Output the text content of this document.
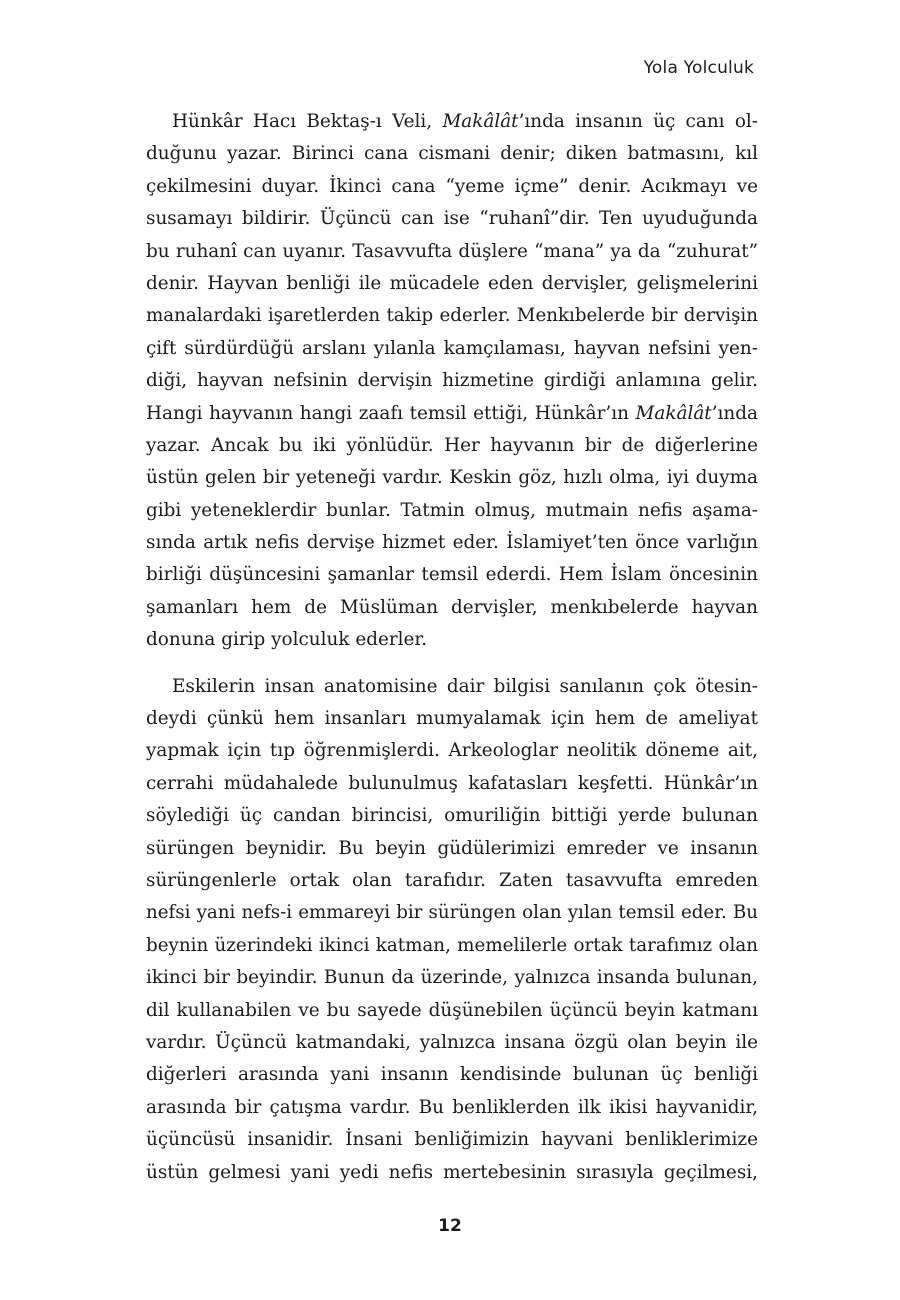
Yola Yolculuk
Hünkâr Hacı Bektaş-ı Veli, Makâlât’ında insanın üç canı ol-
duğunu yazar. Birinci cana cismani denir; diken batmasını, kıl
çekilmesini duyar. İkinci cana “yeme içme” denir. Acıkmayı ve
susamayı bildirir. Üçüncü can ise “ruhanî”dir. Ten uyuduğunda
bu ruhanî can uyanır. Tasavvufta düşlere “mana” ya da “zuhurat”
denir. Hayvan benliği ile mücadele eden dervişler, gelişmelerini
manalardaki işaretlerden takip ederler. Menkıbelerde bir dervişin
çift sürdürdüğü arslanı yılanla kamçılaması, hayvan nefsini yen-
diği, hayvan nefsinin dervişin hizmetine girdiği anlamına gelir.
Hangi hayvanın hangi zaafı temsil ettiği, Hünkâr’ın Makâlât’ında
yazar. Ancak bu iki yönlüdür. Her hayvanın bir de diğerlerine
üstün gelen bir yeteneği vardır. Keskin göz, hızlı olma, iyi duyma
gibi yeteneklerdir bunlar. Tatmin olmuş, mutmain nefis aşama-
sında artık nefis dervişe hizmet eder. İslamiyet’ten önce varlığın
birliği düşüncesini şamanlar temsil ederdi. Hem İslam öncesinin
şamanları hem de Müslüman dervişler, menkıbelerde hayvan
donuna girip yolculuk ederler.
Eskilerin insan anatomisine dair bilgisi sanılanın çok ötesin-
deydi çünkü hem insanları mumyalamak için hem de ameliyat
yapmak için tıp öğrenmişlerdi. Arkeologlar neolitik döneme ait,
cerrahi müdahalede bulunulmuş kafatasları keşfetti. Hünkâr’ın
söylediği üç candan birincisi, omuriliğin bittiği yerde bulunan
sürüngen beynidir. Bu beyin güdülerimizi emreder ve insanın
sürüngenlerle ortak olan tarafıdır. Zaten tasavvufta emreden
nefsi yani nefs-i emmareyi bir sürüngen olan yılan temsil eder. Bu
beynin üzerindeki ikinci katman, memelilerle ortak tarafımız olan
ikinci bir beyindir. Bunun da üzerinde, yalnızca insanda bulunan,
dil kullanabilen ve bu sayede düşünebilen üçüncü beyin katmanı
vardır. Üçüncü katmandaki, yalnızca insana özgü olan beyin ile
diğerleri arasında yani insanın kendisinde bulunan üç benliği
arasında bir çatışma vardır. Bu benliklerden ilk ikisi hayvanidir,
üçüncüsü insanidir. İnsani benliğimizin hayvani benliklerimize
üstün gelmesi yani yedi nefis mertebesinin sırasıyla geçilmesi,
12
